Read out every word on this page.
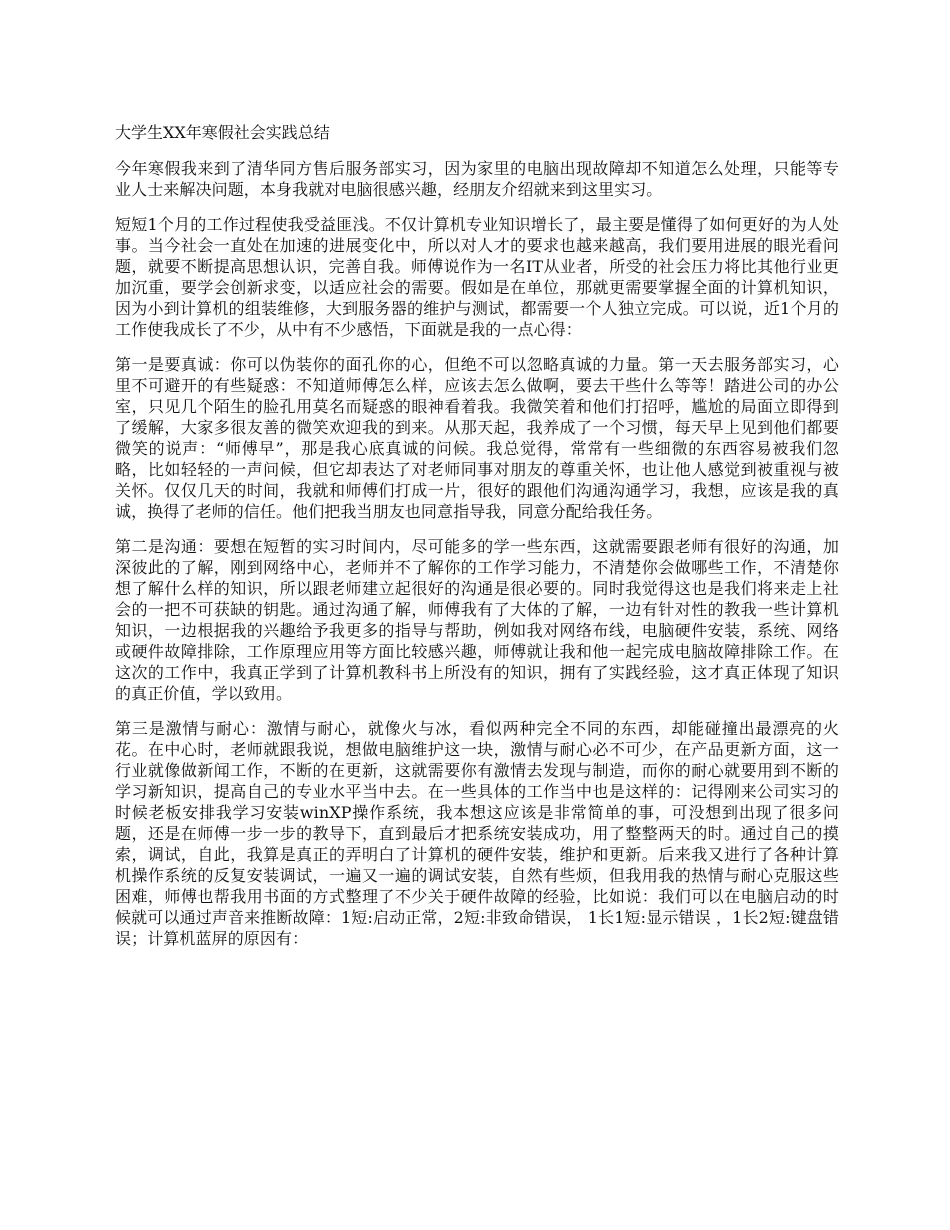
大学生XX年寒假社会实践总结

今年寒假我来到了清华同方售后服务部实习，因为家里的电脑出现故障却不知道怎么处理，只能等专业人士来解决问题，本身我就对电脑很感兴趣，经朋友介绍就来到这里实习。

短短1个月的工作过程使我受益匪浅。不仅计算机专业知识增长了，最主要是懂得了如何更好的为人处事。当今社会一直处在加速的进展变化中，所以对人才的要求也越来越高，我们要用进展的眼光看问题，就要不断提高思想认识，完善自我。师傅说作为一名IT从业者，所受的社会压力将比其他行业更加沉重，要学会创新求变，以适应社会的需要。假如是在单位，那就更需要掌握全面的计算机知识，因为小到计算机的组装维修，大到服务器的维护与测试，都需要一个人独立完成。可以说，近1个月的工作使我成长了不少，从中有不少感悟，下面就是我的一点心得：

第一是要真诚：你可以伪装你的面孔你的心，但绝不可以忽略真诚的力量。第一天去服务部实习，心里不可避开的有些疑惑：不知道师傅怎么样，应该去怎么做啊，要去干些什么等等！踏进公司的办公室，只见几个陌生的脸孔用莫名而疑惑的眼神看着我。我微笑着和他们打招呼，尴尬的局面立即得到了缓解，大家多很友善的微笑欢迎我的到来。从那天起，我养成了一个习惯，每天早上见到他们都要微笑的说声：“师傅早”，那是我心底真诚的问候。我总觉得，常常有一些细微的东西容易被我们忽略，比如轻轻的一声问候，但它却表达了对老师同事对朋友的尊重关怀，也让他人感觉到被重视与被关怀。仅仅几天的时间，我就和师傅们打成一片，很好的跟他们沟通沟通学习，我想，应该是我的真诚，换得了老师的信任。他们把我当朋友也同意指导我，同意分配给我任务。

第二是沟通：要想在短暂的实习时间内，尽可能多的学一些东西，这就需要跟老师有很好的沟通，加深彼此的了解，刚到网络中心，老师并不了解你的工作学习能力，不清楚你会做哪些工作，不清楚你想了解什么样的知识，所以跟老师建立起很好的沟通是很必要的。同时我觉得这也是我们将来走上社会的一把不可获缺的钥匙。通过沟通了解，师傅我有了大体的了解，一边有针对性的教我一些计算机知识，一边根据我的兴趣给予我更多的指导与帮助，例如我对网络布线，电脑硬件安装，系统、网络或硬件故障排除，工作原理应用等方面比较感兴趣，师傅就让我和他一起完成电脑故障排除工作。在这次的工作中，我真正学到了计算机教科书上所没有的知识，拥有了实践经验，这才真正体现了知识的真正价值，学以致用。

第三是激情与耐心：激情与耐心，就像火与冰，看似两种完全不同的东西，却能碰撞出最漂亮的火花。在中心时，老师就跟我说，想做电脑维护这一块，激情与耐心必不可少，在产品更新方面，这一行业就像做新闻工作，不断的在更新，这就需要你有激情去发现与制造，而你的耐心就要用到不断的学习新知识，提高自己的专业水平当中去。在一些具体的工作当中也是这样的：记得刚来公司实习的时候老板安排我学习安装winXP操作系统，我本想这应该是非常简单的事，可没想到出现了很多问题，还是在师傅一步一步的教导下，直到最后才把系统安装成功，用了整整两天的时。通过自己的摸索，调试，自此，我算是真正的弄明白了计算机的硬件安装，维护和更新。后来我又进行了各种计算机操作系统的反复安装调试，一遍又一遍的调试安装，自然有些烦，但我用我的热情与耐心克服这些困难，师傅也帮我用书面的方式整理了不少关于硬件故障的经验，比如说：我们可以在电脑启动的时候就可以通过声音来推断故障：1短:启动正常，2短:非致命错误， 1长1短:显示错误 ，1长2短:键盘错误；计算机蓝屏的原因有：
